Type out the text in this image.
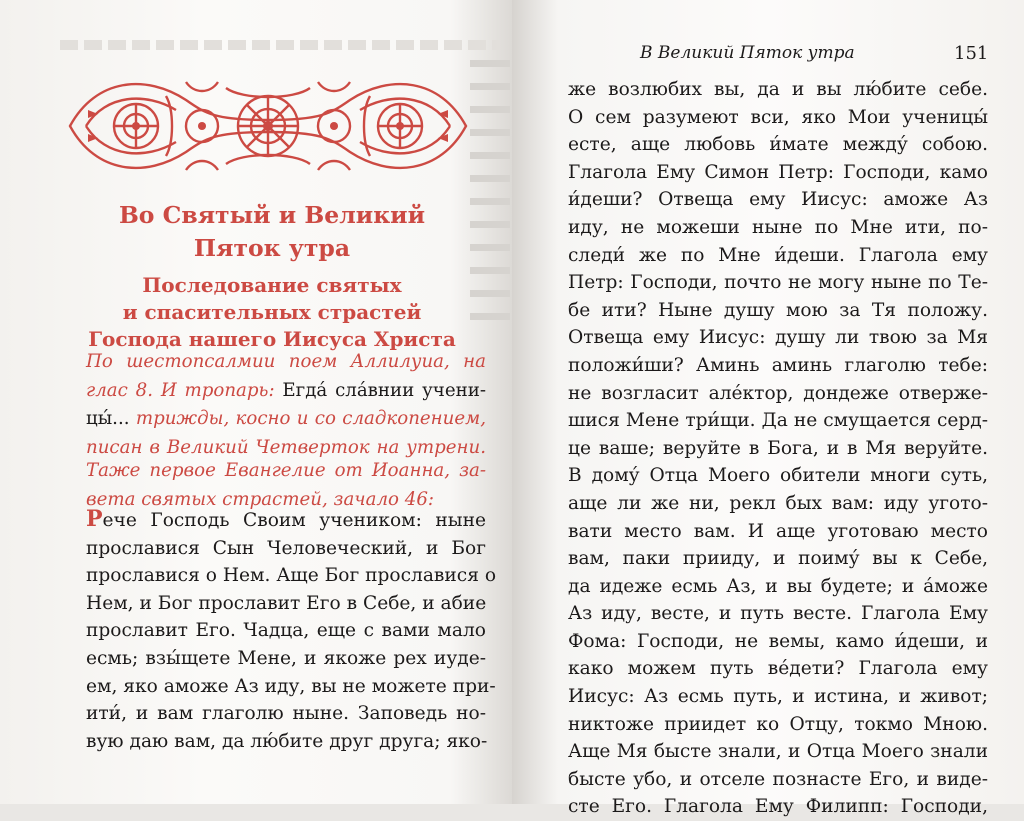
Во Святый и Великий
Пяток утра
Последование святых
и спасительных страстей
Господа нашего Иисуса Христа
По шестопсалмии поем Аллилуиа, на
глас 8. И тропарь: Егда́ сла́внии учени-
цы́... трижды, косно и со сладкопением,
писан в Великий Четверток на утрени.
Таже первое Евангелие от Иоанна, за-
вета святых страстей, зачало 46:
Рече Господь Своим учеником: ныне
прославися Сын Человеческий, и Бог
прославися о Нем. Аще Бог прославися о
Нем, и Бог прославит Его в Себе, и абие
прославит Его. Чадца, еще с вами мало
есмь; взы́щете Мене, и якоже рех иуде-
ем, яко аможе Аз иду, вы не можете при-
ити́, и вам глаголю ныне. Заповедь но-
вую даю вам, да лю́бите друг друга; яко-
В Великий Пяток утра	151
же возлюбих вы, да и вы лю́бите себе.
О сем разумеют вси, яко Мои ученицы́
есте, аще любовь и́мате между́ собою.
Глагола Ему Симон Петр: Господи, камо
и́дeши? Отвеща ему Иисус: аможе Аз
иду, не можеши ныне по Мне ити, по-
следи́ же по Мне и́дeши. Глагола ему
Петр: Господи, почто не могу ныне по Те-
бе ити? Ныне душу мою за Тя положу.
Отвеща ему Иисус: душу ли твою за Мя
положи́ши? Аминь аминь глаголю тебе:
не возгласит але́ктор, дондеже отверже-
шися Мене три́щи. Да не смущается серд-
це ваше; веруйте в Бога, и в Мя веруйте.
В дому́ Отца Моего обители многи суть,
аще ли же ни, рекл бых вам: иду угото-
вати место вам. И аще уготоваю место
вам, паки прииду, и поиму́ вы к Себе,
да идеже есмь Аз, и вы будете; и а́може
Аз иду, весте, и путь весте. Глагола Ему
Фома: Господи, не вемы, камо и́дeши, и
како можем путь ве́дети? Глагола ему
Иисус: Аз есмь путь, и истина, и живот;
никтоже приидет ко Отцу, токмо Мною.
Аще Мя бысте знали, и Отца Моего знали
бысте убо, и отселе познасте Его, и виде-
сте Его. Глагола Ему Филипп: Господи,
